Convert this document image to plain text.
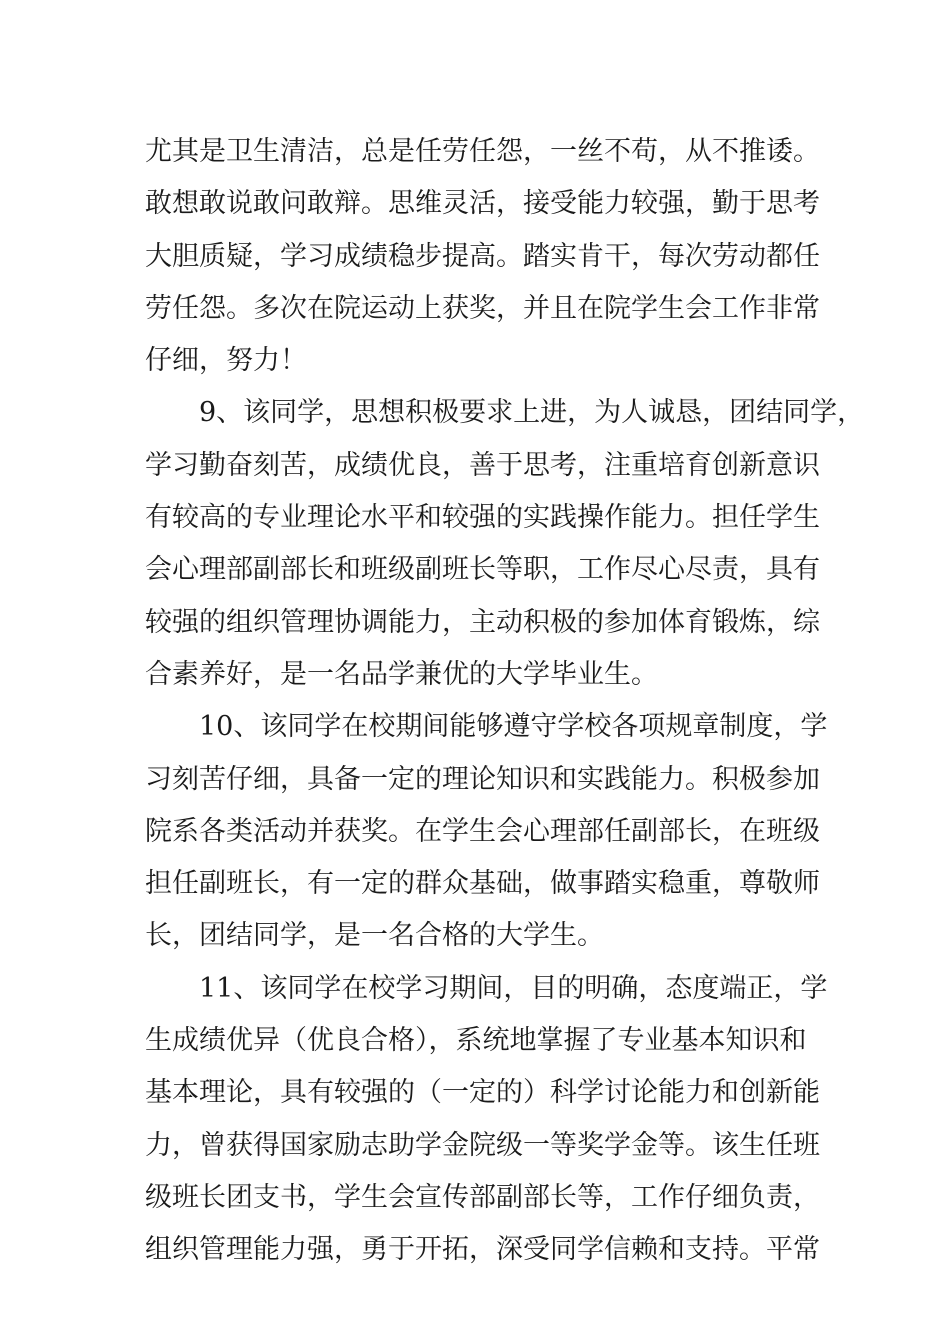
尤其是卫生清洁，总是任劳任怨，一丝不苟，从不推诿。
敢想敢说敢问敢辩。思维灵活，接受能力较强，勤于思考
大胆质疑，学习成绩稳步提高。踏实肯干，每次劳动都任
劳任怨。多次在院运动上获奖，并且在院学生会工作非常
仔细，努力！
9、该同学，思想积极要求上进，为人诚恳，团结同学，
学习勤奋刻苦，成绩优良，善于思考，注重培育创新意识
有较高的专业理论水平和较强的实践操作能力。担任学生
会心理部副部长和班级副班长等职，工作尽心尽责，具有
较强的组织管理协调能力，主动积极的参加体育锻炼，综
合素养好，是一名品学兼优的大学毕业生。
10、该同学在校期间能够遵守学校各项规章制度，学
习刻苦仔细，具备一定的理论知识和实践能力。积极参加
院系各类活动并获奖。在学生会心理部任副部长，在班级
担任副班长，有一定的群众基础，做事踏实稳重，尊敬师
长，团结同学，是一名合格的大学生。
11、该同学在校学习期间，目的明确，态度端正，学
生成绩优异（优良合格），系统地掌握了专业基本知识和
基本理论，具有较强的（一定的）科学讨论能力和创新能
力，曾获得国家励志助学金院级一等奖学金等。该生任班
级班长团支书，学生会宣传部副部长等，工作仔细负责，
组织管理能力强，勇于开拓，深受同学信赖和支持。平常
